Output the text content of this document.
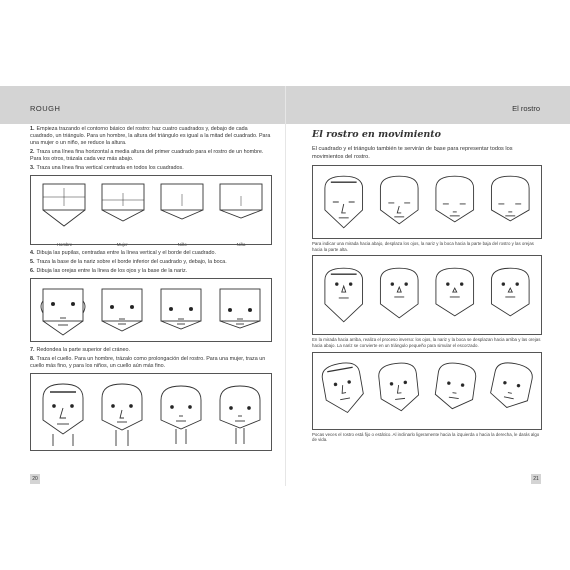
ROUGH	El rostro

1. Empieza trazando el contorno básico del rostro: haz cuatro cuadrados y, debajo de cada cuadrado, un triángulo. Para un hombre, la altura del triángulo es igual a la mitad del cuadrado. Para una mujer o un niño, se reduce la altura.

2. Traza una línea fina horizontal a media altura del primer cuadrado para el rostro de un hombre. Para los otros, trázala cada vez más abajo.

3. Traza una línea fina vertical centrada en todos los cuadrados.

Hombre	Mujer	Niño	Niña

4. Dibuja las pupilas, centradas entre la línea vertical y el borde del cuadrado.

5. Traza la base de la nariz sobre el borde inferior del cuadrado y, debajo, la boca.

6. Dibuja las orejas entre la línea de los ojos y la base de la nariz.

7. Redondea la parte superior del cráneo.

8. Traza el cuello. Para un hombre, trázalo como prolongación del rostro. Para una mujer, traza un cuello más fino, y para los niños, un cuello aún más fino.

El rostro en movimiento

El cuadrado y el triángulo también te servirán de base para representar todos los movimientos del rostro.

Para indicar una mirada hacia abajo, desplaza los ojos, la nariz y la boca hacia la parte baja del rostro y las orejas hacia la parte alta.

En la mirada hacia arriba, realiza el proceso inverso: los ojos, la nariz y la boca se desplazan hacia arriba y las orejas hacia abajo. La nariz se convierte en un triángulo pequeño para simular el escorzado.

Pocas veces el rostro está fijo o estático. Al inclinarlo ligeramente hacia la izquierda o hacia la derecha, le darás algo de vida.

20	21
